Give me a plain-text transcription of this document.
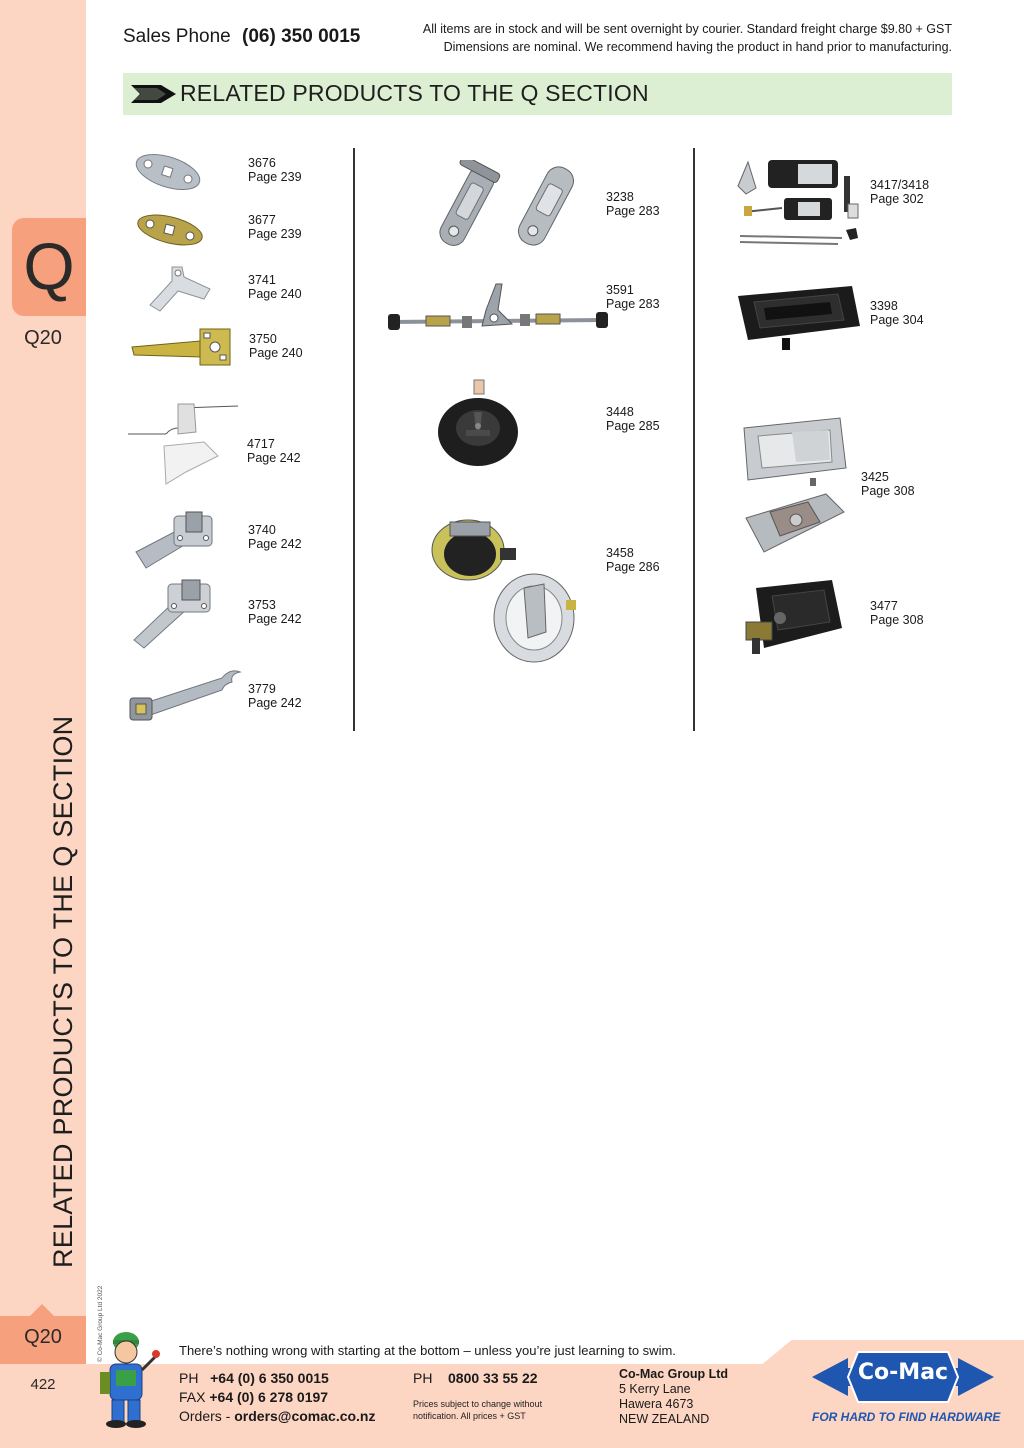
Q
Q20
RELATED PRODUCTS TO THE Q SECTION
© Co-Mac Group Ltd 2022
Q20
422
Sales Phone (06) 350 0015	All items are in stock and will be sent overnight by courier. Standard freight charge $9.80 + GST
Dimensions are nominal. We recommend having the product in hand prior to manufacturing.
RELATED PRODUCTS TO THE Q SECTION
3676
Page 239
3677
Page 239
3741
Page 240
3750
Page 240
4717
Page 242
3740
Page 242
3753
Page 242
3779
Page 242
3238
Page 283
3591
Page 283
3448
Page 285
3458
Page 286
3417/3418
Page 302
3398
Page 304
3425
Page 308
3477
Page 308
There’s nothing wrong with starting at the bottom – unless you’re just learning to swim.
PH +64 (0) 6 350 0015
FAX +64 (0) 6 278 0197
Orders - orders@comac.co.nz
PH 0800 33 55 22
Prices subject to change without
notification. All prices + GST
Co-Mac Group Ltd
5 Kerry Lane
Hawera 4673
NEW ZEALAND
Co-Mac
FOR HARD TO FIND HARDWARE
